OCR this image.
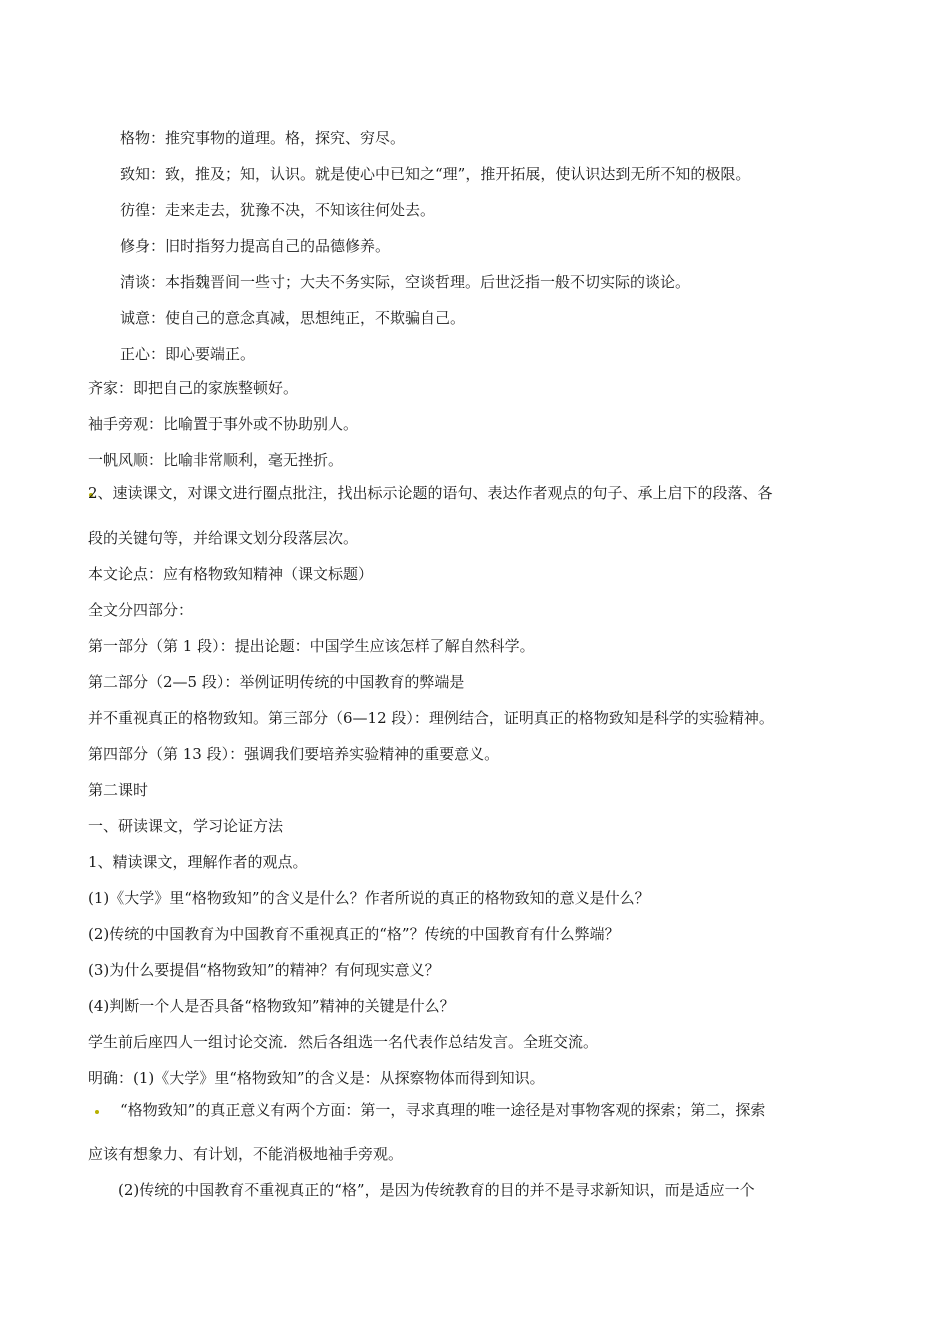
格物：推究事物的道理。格，探究、穷尽。
致知：致，推及；知，认识。就是使心中已知之“理”，推开拓展，使认识达到无所不知的极限。
彷徨：走来走去，犹豫不决，不知该往何处去。
修身：旧时指努力提高自己的品德修养。
清谈：本指魏晋间一些寸；大夫不务实际，空谈哲理。后世泛指一般不切实际的谈论。
诚意：使自己的意念真减，思想纯正，不欺骗自己。
正心：即心要端正。
齐家：即把自己的家族整顿好。
袖手旁观：比喻置于事外或不协助别人。
一帆风顺：比喻非常顺利，毫无挫折。
2、速读课文，对课文进行圈点批注，找出标示论题的语句、表达作者观点的句子、承上启下的段落、各
段的关键句等，并给课文划分段落层次。
本文论点：应有格物致知精神（课文标题）
全文分四部分：
第一部分（第 1 段）：提出论题：中国学生应该怎样了解自然科学。
第二部分（2—5 段）：举例证明传统的中国教育的弊端是
并不重视真正的格物致知。第三部分（6—12 段）：理例结合，证明真正的格物致知是科学的实验精神。
第四部分（第 13 段）：强调我们要培养实验精神的重要意义。
第二课时
一、研读课文，学习论证方法
1、精读课文，理解作者的观点。
(1)《大学》里“格物致知”的含义是什么？作者所说的真正的格物致知的意义是什么？
(2)传统的中国教育为中国教育不重视真正的“格”？传统的中国教育有什么弊端？
(3)为什么要提倡“格物致知”的精神？有何现实意义？
(4)判断一个人是否具备“格物致知”精神的关键是什么？
学生前后座四人一组讨论交流．然后各组选一名代表作总结发言。全班交流。
明确：(1)《大学》里“格物致知”的含义是：从探察物体而得到知识。
“格物致知”的真正意义有两个方面：第一，寻求真理的唯一途径是对事物客观的探索；第二，探索
应该有想象力、有计划，不能消极地袖手旁观。
(2)传统的中国教育不重视真正的“格”，是因为传统教育的目的并不是寻求新知识，而是适应一个
